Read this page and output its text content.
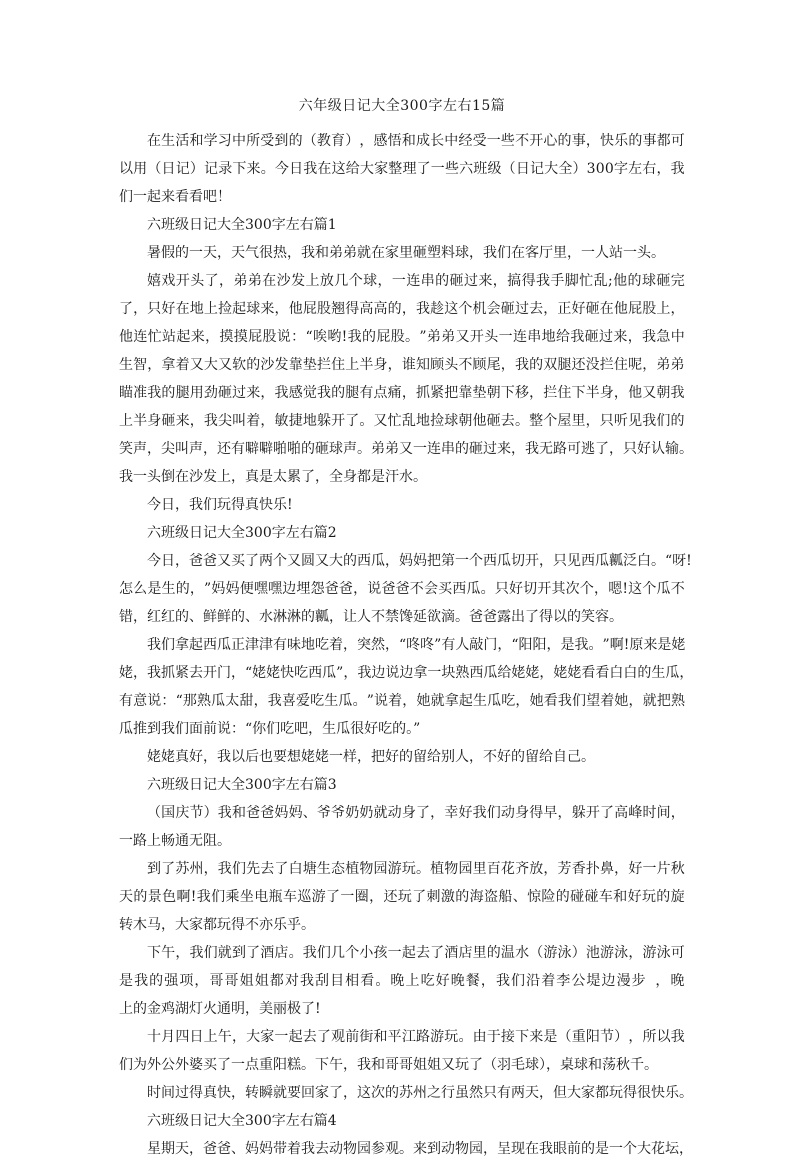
六年级日记大全300字左右15篇
在 生 活 和 学 习 中 所 受 到 的 （ 教 育 ） ， 感 悟 和 成 长 中 经 受 一 些 不 开 心 的 事 ， 快 乐 的 事 都 可
以 用 （ 日 记 ） 记 录 下 来 。 今 日 我 在 这 给 大 家 整 理 了 一 些 六 班 级 （ 日 记 大 全 ） 3 0 0 字 左 右 ， 我
们一起来看看吧！
六班级日记大全300字左右篇1
暑假的一天，天气很热，我和弟弟就在家里砸塑料球，我们在客厅里，一人站一头。
嬉 戏 开 头 了 ， 弟 弟 在 沙 发 上 放 几 个 球 ， 一 连 串 的 砸 过 来 ， 搞 得 我 手 脚 忙 乱 ; 他 的 球 砸 完
了 ， 只 好 在 地 上 捡 起 球 来 ， 他 屁 股 翘 得 高 高 的 ， 我 趁 这 个 机 会 砸 过 去 ， 正 好 砸 在 他 屁 股 上 ，
他 连 忙 站 起 来 ， 摸 摸 屁 股 说 ： “ 唉 哟 ! 我 的 屁 股 。 ” 弟 弟 又 开 头 一 连 串 地 给 我 砸 过 来 ， 我 急 中
生 智 ， 拿 着 又 大 又 软 的 沙 发 靠 垫 拦 住 上 半 身 ， 谁 知 顾 头 不 顾 尾 ， 我 的 双 腿 还 没 拦 住 呢 ， 弟 弟
瞄 准 我 的 腿 用 劲 砸 过 来 ， 我 感 觉 我 的 腿 有 点 痛 ， 抓 紧 把 靠 垫 朝 下 移 ， 拦 住 下 半 身 ， 他 又 朝 我
上 半 身 砸 来 ， 我 尖 叫 着 ， 敏 捷 地 躲 开 了 。 又 忙 乱 地 捡 球 朝 他 砸 去 。 整 个 屋 里 ， 只 听 见 我 们 的
笑 声 ， 尖 叫 声 ， 还 有 噼 噼 啪 啪 的 砸 球 声 。 弟 弟 又 一 连 串 的 砸 过 来 ， 我 无 路 可 逃 了 ， 只 好 认 输 。
我一头倒在沙发上，真是太累了，全身都是汗水。
今日，我们玩得真快乐!
六班级日记大全300字左右篇2
今 日 ， 爸 爸 又 买 了 两 个 又 圆 又 大 的 西 瓜 ， 妈 妈 把 第 一 个 西 瓜 切 开 ， 只 见 西 瓜 瓤 泛 白 。 “ 呀 !
怎 么 是 生 的 ， ” 妈 妈 便 嘿 嘿 边 埋 怨 爸 爸 ， 说 爸 爸 不 会 买 西 瓜 。 只 好 切 开 其 次 个 ， 嗯 ! 这 个 瓜 不
错，红红的、鲜鲜的、水淋淋的瓤，让人不禁馋延欲滴。爸爸露出了得以的笑容。
我 们 拿 起 西 瓜 正 津 津 有 味 地 吃 着 ， 突 然 ， “ 咚 咚 ” 有 人 敲 门 ， “ 阳 阳 ， 是 我 。 ” 啊 ! 原 来 是 姥
姥 ， 我 抓 紧 去 开 门 ， “ 姥 姥 快 吃 西 瓜 ” ， 我 边 说 边 拿 一 块 熟 西 瓜 给 姥 姥 ， 姥 姥 看 看 白 白 的 生 瓜 ，
有 意 说 ： “ 那 熟 瓜 太 甜 ， 我 喜 爱 吃 生 瓜 。 ” 说 着 ， 她 就 拿 起 生 瓜 吃 ， 她 看 我 们 望 着 她 ， 就 把 熟
瓜推到我们面前说：“你们吃吧，生瓜很好吃的。”
姥姥真好，我以后也要想姥姥一样，把好的留给别人，不好的留给自己。
六班级日记大全300字左右篇3
（ 国 庆 节 ） 我 和 爸 爸 妈 妈 、 爷 爷 奶 奶 就 动 身 了 ， 幸 好 我 们 动 身 得 早 ， 躲 开 了 高 峰 时 间 ，
一路上畅通无阻。
到 了 苏 州 ， 我 们 先 去 了 白 塘 生 态 植 物 园 游 玩 。 植 物 园 里 百 花 齐 放 ， 芳 香 扑 鼻 ， 好 一 片 秋
天 的 景 色 啊 ! 我 们 乘 坐 电 瓶 车 巡 游 了 一 圈 ， 还 玩 了 刺 激 的 海 盗 船 、 惊 险 的 碰 碰 车 和 好 玩 的 旋
转木马，大家都玩得不亦乐乎。
下 午 ， 我 们 就 到 了 酒 店 。 我 们 几 个 小 孩 一 起 去 了 酒 店 里 的 温 水 （ 游 泳 ） 池 游 泳 ， 游 泳 可
是 我 的 强 项 ， 哥 哥 姐 姐 都 对 我 刮 目 相 看 。 晚 上 吃 好 晚 餐 ， 我 们 沿 着 李 公 堤 边 漫 步 ， 晚
上的金鸡湖灯火通明，美丽极了!
十 月 四 日 上 午 ， 大 家 一 起 去 了 观 前 街 和 平 江 路 游 玩 。 由 于 接 下 来 是 （ 重 阳 节 ） ， 所 以 我
们为外公外婆买了一点重阳糕。下午，我和哥哥姐姐又玩了（羽毛球），桌球和荡秋千。
时间过得真快，转瞬就要回家了，这次的苏州之行虽然只有两天，但大家都玩得很快乐。
六班级日记大全300字左右篇4
星期天，爸爸、妈妈带着我去动物园参观。来到动物园，呈现在我眼前的是一个大花坛，
